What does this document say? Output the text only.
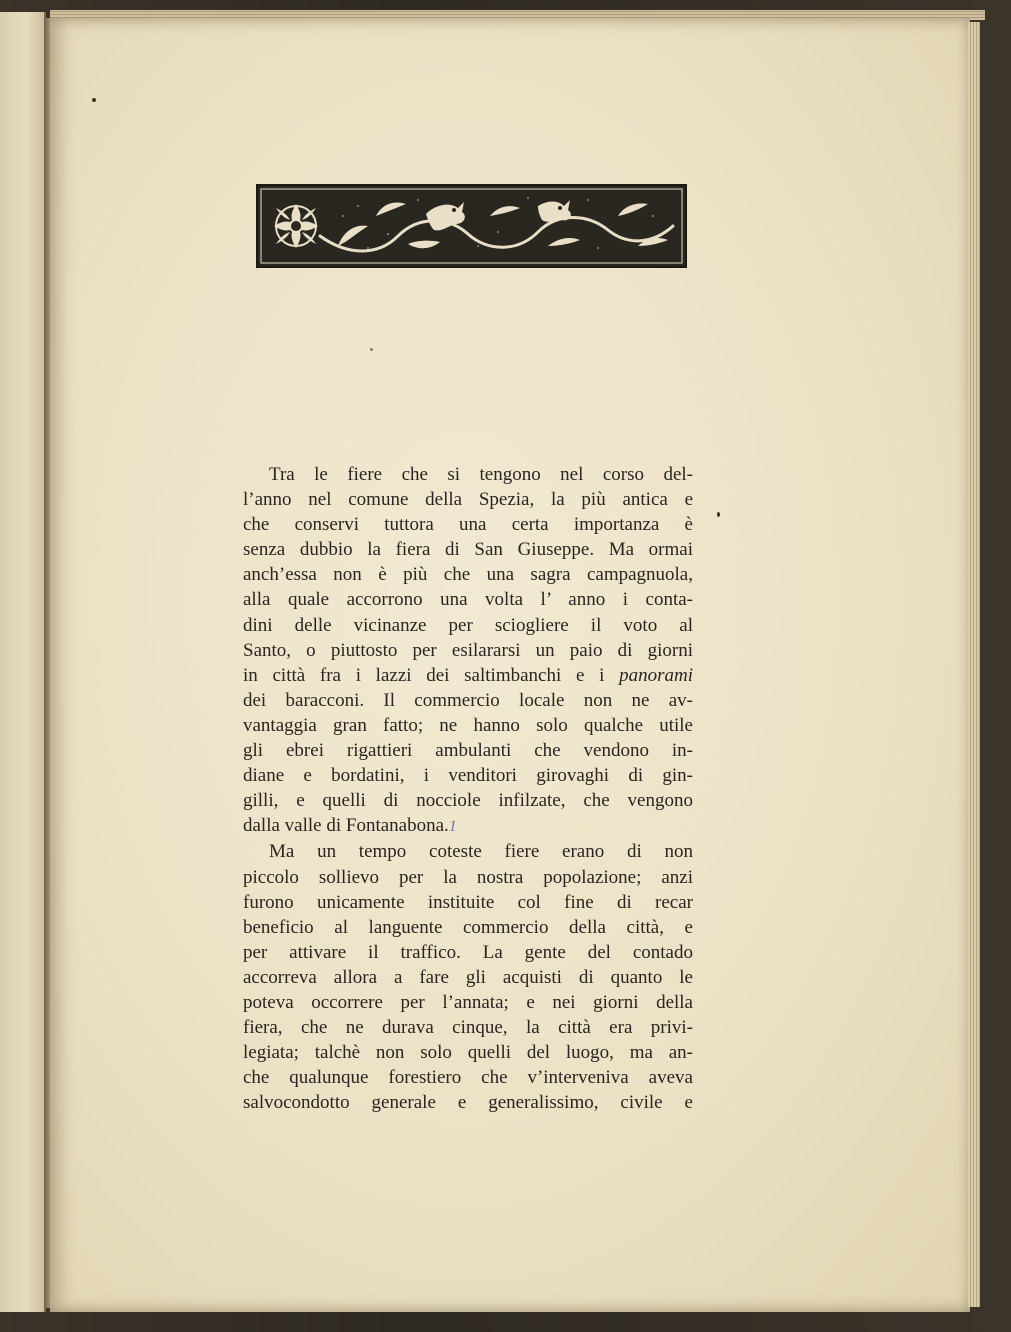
Tra le fiere che si tengono nel corso del-

l’anno nel comune della Spezia, la più antica e

che conservi tuttora una certa importanza è

senza dubbio la fiera di San Giuseppe. Ma ormai

anch’essa non è più che una sagra campagnuola,

alla quale accorrono una volta l’ anno i conta-

dini delle vicinanze per sciogliere il voto al

Santo, o piuttosto per esilararsi un paio di giorni

in città fra i lazzi dei saltimbanchi e i panorami

dei baracconi. Il commercio locale non ne av-

vantaggia gran fatto; ne hanno solo qualche utile

gli ebrei rigattieri ambulanti che vendono in-

diane e bordatini, i venditori girovaghi di gin-

gilli, e quelli di nocciole infilzate, che vengono

dalla valle di Fontanabona.1

Ma un tempo coteste fiere erano di non

piccolo sollievo per la nostra popolazione; anzi

furono unicamente instituite col fine di recar

beneficio al languente commercio della città, e

per attivare il traffico. La gente del contado

accorreva allora a fare gli acquisti di quanto le

poteva occorrere per l’annata; e nei giorni della

fiera, che ne durava cinque, la città era privi-

legiata; talchè non solo quelli del luogo, ma an-

che qualunque forestiero che v’interveniva aveva

salvocondotto generale e generalissimo, civile e
